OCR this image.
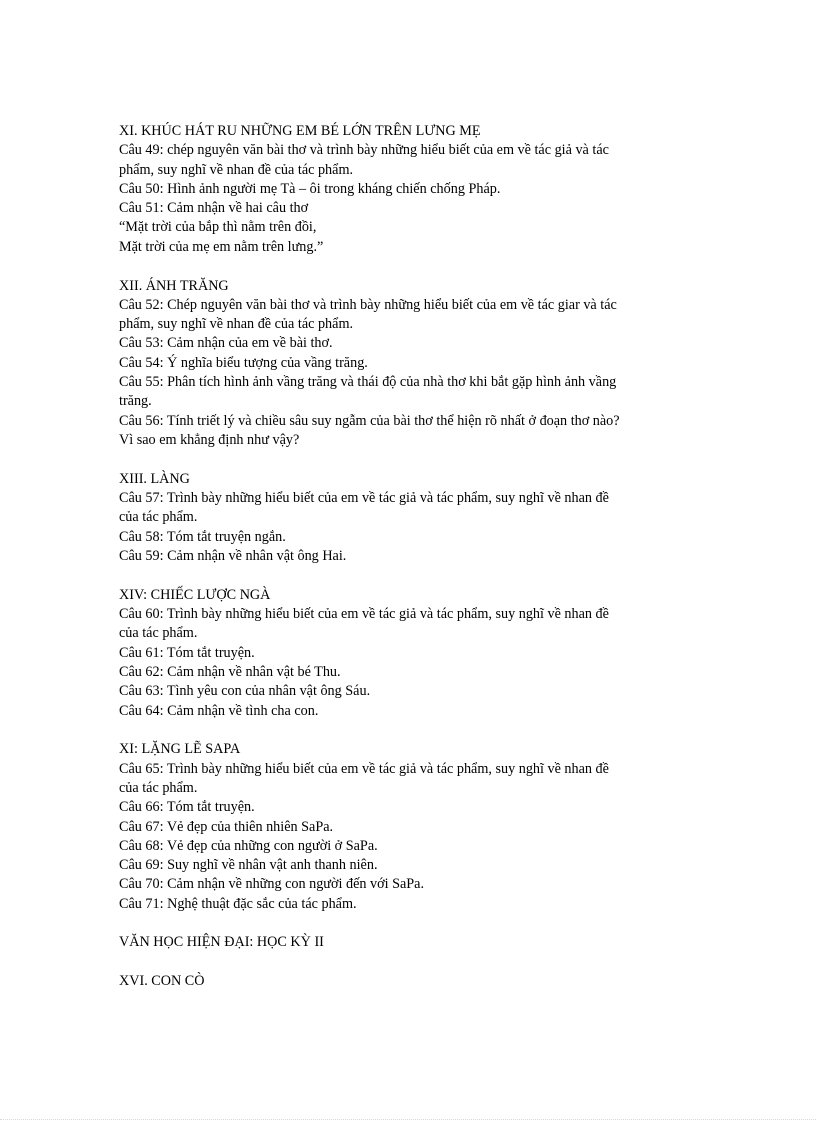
XI. KHÚC HÁT RU NHỮNG EM BÉ LỚN TRÊN LƯNG MẸ

Câu 49: chép nguyên văn bài thơ và trình bày những hiểu biết của em về tác giả và tác

phẩm, suy nghĩ về nhan đề của tác phẩm.

Câu 50: Hình ảnh người mẹ Tà – ôi trong kháng chiến chống Pháp.

Câu 51: Cảm nhận về hai câu thơ

“Mặt trời của bắp thì nằm trên đồi,

Mặt trời của mẹ em nằm trên lưng.”

XII. ÁNH TRĂNG

Câu 52: Chép nguyên văn bài thơ và trình bày những hiểu biết của em về tác giar và tác

phẩm, suy nghĩ về nhan đề của tác phẩm.

Câu 53: Cảm nhận của em về bài thơ.

Câu 54: Ý nghĩa biểu tượng của vầng trăng.

Câu 55: Phân tích hình ảnh vầng trăng và thái độ của nhà thơ khi bắt gặp hình ảnh vầng

trăng.

Câu 56: Tính triết lý và chiều sâu suy ngẫm của bài thơ thể hiện rõ nhất ở đoạn thơ nào?

Vì sao em khẳng định như vậy?

XIII. LÀNG

Câu 57: Trình bày những hiểu biết của em về tác giả và tác phẩm, suy nghĩ về nhan đề

của tác phẩm.

Câu 58: Tóm tắt truyện ngắn.

Câu 59: Cảm nhận về nhân vật ông Hai.

XIV: CHIẾC LƯỢC NGÀ

Câu 60: Trình bày những hiểu biết của em về tác giả và tác phẩm, suy nghĩ về nhan đề

của tác phẩm.

Câu 61: Tóm tắt truyện.

Câu 62: Cảm nhận về nhân vật bé Thu.

Câu 63: Tình yêu con của nhân vật ông Sáu.

Câu 64: Cảm nhận về tình cha con.

XI: LẶNG LẼ SAPA

Câu 65: Trình bày những hiểu biết của em về tác giả và tác phẩm, suy nghĩ về nhan đề

của tác phẩm.

Câu 66: Tóm tắt truyện.

Câu 67: Vẻ đẹp của thiên nhiên SaPa.

Câu 68: Vẻ đẹp của những con người ở SaPa.

Câu 69: Suy nghĩ về nhân vật anh thanh niên.

Câu 70: Cảm nhận về những con người đến với SaPa.

Câu 71: Nghệ thuật đặc sắc của tác phẩm.

VĂN HỌC HIỆN ĐẠI: HỌC KỲ II

XVI. CON CÒ
